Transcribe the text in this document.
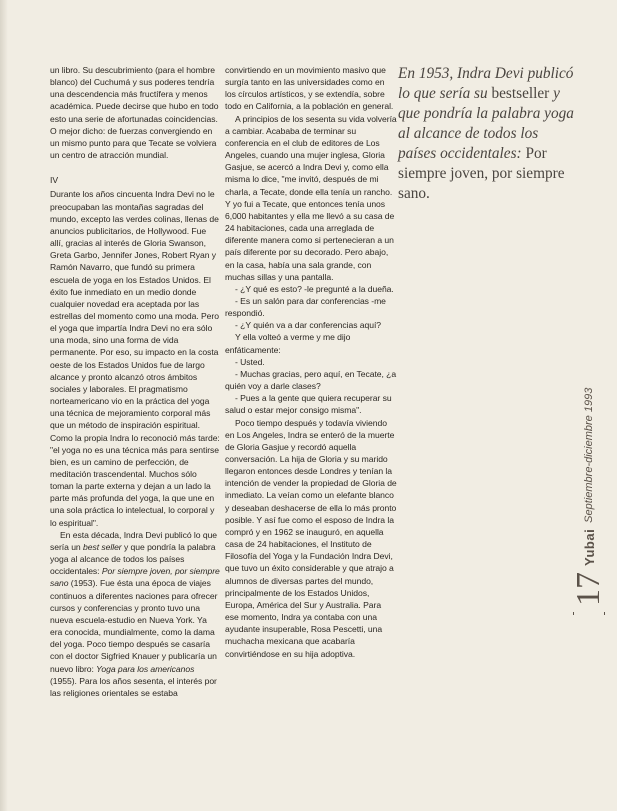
un libro. Su descubrimiento (para el hombre blanco) del Cuchumá y sus poderes tendría una descendencia más fructífera y menos académica. Puede decirse que hubo en todo esto una serie de afortunadas coincidencias. O mejor dicho: de fuerzas convergiendo en un mismo punto para que Tecate se volviera un centro de atracción mundial.

IV

Durante los años cincuenta Indra Devi no le preocupaban las montañas sagradas del mundo, excepto las verdes colinas, llenas de anuncios publicitarios, de Hollywood. Fue allí, gracias al interés de Gloria Swanson, Greta Garbo, Jennifer Jones, Robert Ryan y Ramón Navarro, que fundó su primera escuela de yoga en los Estados Unidos. El éxito fue inmediato en un medio donde cualquier novedad era aceptada por las estrellas del momento como una moda. Pero el yoga que impartía Indra Devi no era sólo una moda, sino una forma de vida permanente. Por eso, su impacto en la costa oeste de los Estados Unidos fue de largo alcance y pronto alcanzó otros ámbitos sociales y laborales. El pragmatismo norteamericano vio en la práctica del yoga una técnica de mejoramiento corporal más que un método de inspiración espiritual. Como la propia Indra lo reconoció más tarde: "el yoga no es una técnica más para sentirse bien, es un camino de perfección, de meditación trascendental. Muchos sólo toman la parte externa y dejan a un lado la parte más profunda del yoga, la que une en una sola práctica lo intelectual, lo corporal y lo espiritual".

En esta década, Indra Devi publicó lo que sería un best seller y que pondría la palabra yoga al alcance de todos los países occidentales: Por siempre joven, por siempre sano (1953). Fue ésta una época de viajes continuos a diferentes naciones para ofrecer cursos y conferencias y pronto tuvo una nueva escuela-estudio en Nueva York. Ya era conocida, mundialmente, como la dama del yoga. Poco tiempo después se casaría con el doctor Sigfried Knauer y publicaría un nuevo libro: Yoga para los americanos (1955). Para los años sesenta, el interés por las religiones orientales se estaba

convirtiendo en un movimiento masivo que surgía tanto en las universidades como en los círculos artísticos, y se extendía, sobre todo en California, a la población en general.

A principios de los sesenta su vida volvería a cambiar. Acababa de terminar su conferencia en el club de editores de Los Angeles, cuando una mujer inglesa, Gloria Gasjue, se acercó a Indra Devi y, como ella misma lo dice, "me invitó, después de mi charla, a Tecate, donde ella tenía un rancho. Y yo fui a Tecate, que entonces tenía unos 6,000 habitantes y ella me llevó a su casa de 24 habitaciones, cada una arreglada de diferente manera como si pertenecieran a un país diferente por su decorado. Pero abajo, en la casa, había una sala grande, con muchas sillas y una pantalla.

- ¿Y qué es esto? -le pregunté a la dueña.

- Es un salón para dar conferencias -me respondió.

- ¿Y quién va a dar conferencias aquí?

Y ella volteó a verme y me dijo enfáticamente:

- Usted.

- Muchas gracias, pero aquí, en Tecate, ¿a quién voy a darle clases?

- Pues a la gente que quiera recuperar su salud o estar mejor consigo misma".

Poco tiempo después y todavía viviendo en Los Angeles, Indra se enteró de la muerte de Gloria Gasjue y recordó aquella conversación. La hija de Gloria y su marido llegaron entonces desde Londres y tenían la intención de vender la propiedad de Gloria de inmediato. La veían como un elefante blanco y deseaban deshacerse de ella lo más pronto posible. Y así fue como el esposo de Indra la compró y en 1962 se inauguró, en aquella casa de 24 habitaciones, el Instituto de Filosofía del Yoga y la Fundación Indra Devi, que tuvo un éxito considerable y que atrajo a alumnos de diversas partes del mundo, principalmente de los Estados Unidos, Europa, América del Sur y Australia. Para ese momento, Indra ya contaba con una ayudante insuperable, Rosa Pescetti, una muchacha mexicana que acabaría convirtiéndose en su hija adoptiva.

En 1953, Indra Devi publicó lo que sería su bestseller y que pondría la palabra yoga al alcance de todos los países occidentales: Por siempre joven, por siempre sano.
17
Yubai
Septiembre-diciembre 1993
